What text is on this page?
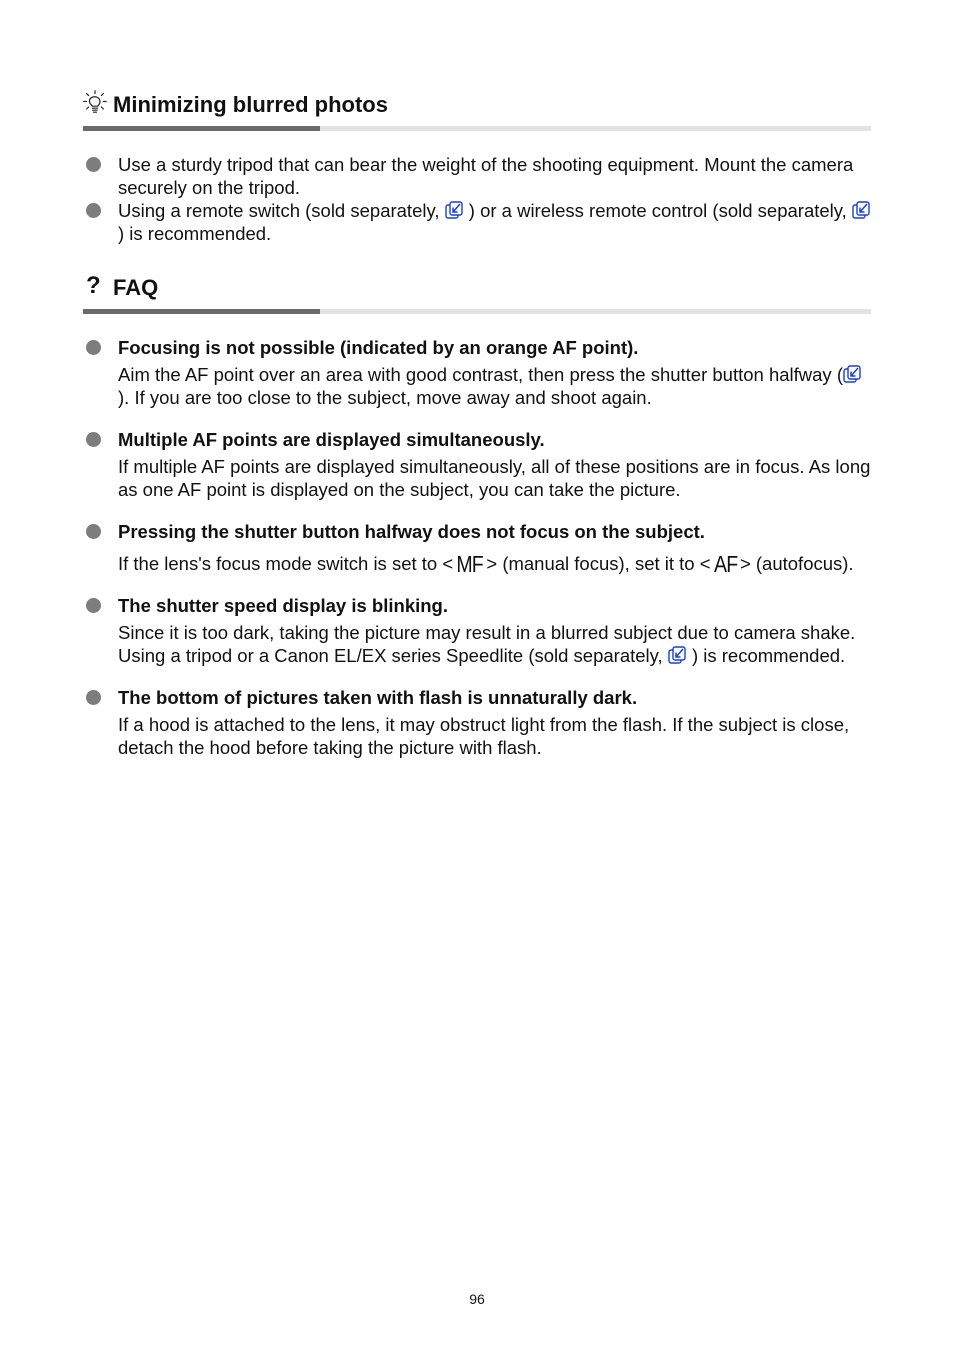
Minimizing blurred photos
Use a sturdy tripod that can bear the weight of the shooting equipment. Mount the camera securely on the tripod.
Using a remote switch (sold separately,  ) or a wireless remote control (sold separately,  ) is recommended.
? FAQ
Focusing is not possible (indicated by an orange AF point).
Aim the AF point over an area with good contrast, then press the shutter button halfway ( ). If you are too close to the subject, move away and shoot again.
Multiple AF points are displayed simultaneously.
If multiple AF points are displayed simultaneously, all of these positions are in focus. As long as one AF point is displayed on the subject, you can take the picture.
Pressing the shutter button halfway does not focus on the subject.
If the lens's focus mode switch is set to < MF > (manual focus), set it to < AF > (autofocus).
The shutter speed display is blinking.
Since it is too dark, taking the picture may result in a blurred subject due to camera shake. Using a tripod or a Canon EL/EX series Speedlite (sold separately,  ) is recommended.
The bottom of pictures taken with flash is unnaturally dark.
If a hood is attached to the lens, it may obstruct light from the flash. If the subject is close, detach the hood before taking the picture with flash.
96
